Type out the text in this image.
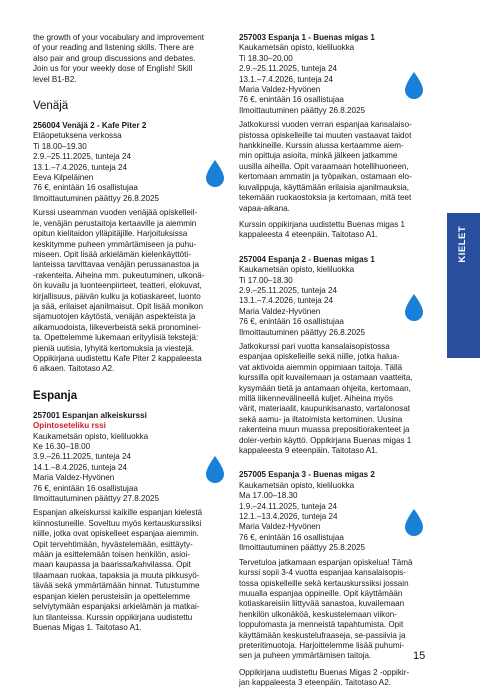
the growth of your vocabulary and improvement

of your reading and listening skills. There are

also pair and group discussions and debates.

Join us for your weekly dose of English! Skill

level B1-B2.

Venäjä

256004 Venäjä 2 - Kafe Piter 2

Etäopetuksena verkossa

Ti 18.00–19.30

2.9.–25.11.2025, tunteja 24

13.1.–7.4.2026, tunteja 24

Eeva Kilpeläinen

76 €, enintään 16 osallistujaa

Ilmoittautuminen päättyy 26.8.2025

Kurssi useamman vuoden venäjää opiskelleil-

le, venäjän perustaitoja kertaaville ja aiemmin

opitun kielitaidon ylläpitäjille. Harjoituksissa

keskitymme puheen ymmärtämiseen ja puhu-

miseen. Opit lisää arkielämän kielenkäyttöti-

lanteissa tarvittavaa venäjän perussanastoa ja

-rakenteita. Aiheina mm. pukeutuminen, ulkonä-

ön kuvailu ja luonteenpiirteet, teatteri, elokuvat,

kirjallisuus, päivän kulku ja kotiaskareet, luonto

ja sää, erilaiset ajanilmaisut. Opit lisää monikon

sijamuotojen käytöstä, venäjän aspekteista ja

aikamuodoista, liikeverbeistä sekä pronominei-

ta. Opettelemme lukemaan erityylisiä tekstejä:

pieniä uutisia, lyhyitä kertomuksia ja viestejä.

Oppikirjana uudistettu Kafe Piter 2 kappaleesta

6 alkaen. Taitotaso A2.

Espanja

257001 Espanjan alkeiskurssi

Opintoseteliku rssi

Kaukametsän opisto, kieliluokka

Ke 16.30–18.00

3.9.–26.11.2025, tunteja 24

14.1.–8.4.2026, tunteja 24

Maria Valdez-Hyvönen

76 €, enintään 16 osallistujaa

Ilmoittautuminen päättyy 27.8.2025

Espanjan alkeiskurssi kaikille espanjan kielestä

kiinnostuneille. Soveltuu myös kertauskurssiksi

niille, jotka ovat opiskelleet espanjaa aiemmin.

Opit tervehtimään, hyvästelemään, esittäyty-

mään ja esittelemään toisen henkilön, asioi-

maan kaupassa ja baarissa/kahvilassa. Opit

tilaamaan ruokaa, tapaksia ja muuta pikkusyö-

tävää sekä ymmärtämään hinnat. Tutustumme

espanjan kielen perusteisiin ja opettelemme

selviytymään espanjaksi arkielämän ja matkai-

lun tilanteissa. Kurssin oppikirjana uudistettu

Buenas Migas 1. Taitotaso A1.

257003 Espanja 1 - Buenas migas 1

Kaukametsän opisto, kieliluokka

Ti 18.30–20.00

2.9.–25.11.2025, tunteja 24

13.1.–7.4.2026, tunteja 24

Maria Valdez-Hyvönen

76 €, enintään 16 osallistujaa

Ilmoittautuminen päättyy 26.8.2025

Jatkokurssi vuoden verran espanjaa kansalaisо-

pistossa opiskelleille tai muuten vastaavat taidot

hankkineille. Kurssin alussa kertaamme aiem-

min opittuja asioita, minkä jälkeen jatkamme

uusilla aiheilla. Opit varaamaan hotellihuoneen,

kertomaan ammatin ja työpaikan, ostamaan elo-

kuvalippuja, käyttämään erilaisia ajanilmauksia,

tekemään ruokaostoksia ja kertomaan, mitä teet

vapaa-aikana.

Kurssin oppikirjana uudistettu Buenas migas 1

kappaleesta 4 eteenpäin. Taitotaso A1.

257004 Espanja 2 - Buenas migas 1

Kaukametsän opisto, kieliluokka

Ti 17.00–18.30

2.9.–25.11.2025, tunteja 24

13.1.–7.4.2026, tunteja 24

Maria Valdez-Hyvönen

76 €, enintään 16 osallistujaa

Ilmoittautuminen päättyy 26.8.2025

Jatkokurssi pari vuotta kansalaisopistossa

espanjaa opiskelleille sekä niille, jotka halua-

vat aktivoida aiemmin oppimiaan taitoja. Tällä

kurssilla opit kuvailemaan ja ostamaan vaatteita,

kysymään tietä ja antamaan ohjeita, kertomaan,

millä liikennevälineellä kuljet. Aiheina myös

värit, materiaalit, kaupunkisanasto, vartalonosat

sekä aamu- ja iltatoimista kertominen. Uusina

rakenteina muun muassa prepositiorakenteet ja

doler-verbin käyttö. Oppikirjana Buenas migas 1

kappaleesta 9 eteenpäin. Taitotaso A1.

257005 Espanja 3 - Buenas migas 2

Kaukametsän opisto, kieliluokka

Ma 17.00–18.30

1.9.–24.11.2025, tunteja 24

12.1.–13.4.2026, tunteja 24

Maria Valdez-Hyvönen

76 €, enintään 16 osallistujaa

Ilmoittautuminen päättyy 25.8.2025

Tervetuloa jatkamaan espanjan opiskelua! Tämä

kurssi sopii 3-4 vuotta espanjaa kansalaisopis-

tossa opiskelleille sekä kertauskurssiksi jossain

muualla espanjaa oppineille. Opit käyttämään

kotiaskareisiin liittyvää sanastoa, kuvailemaan

henkilön ulkonäköä, keskustelemaan viikon-

loppulomasta ja menneistä tapahtumista. Opit

käyttämään keskustelufraaseja, se-passiivia ja

preteritimuotoja. Harjoittelemme lisää puhumi-

sen ja puheen ymmärtämisen taitoja.

Oppikirjana uudistettu Buenas Migas 2 -oppikir-

jan kappaleesta 3 eteenpäin. Taitotaso A2.

KIELET
15
